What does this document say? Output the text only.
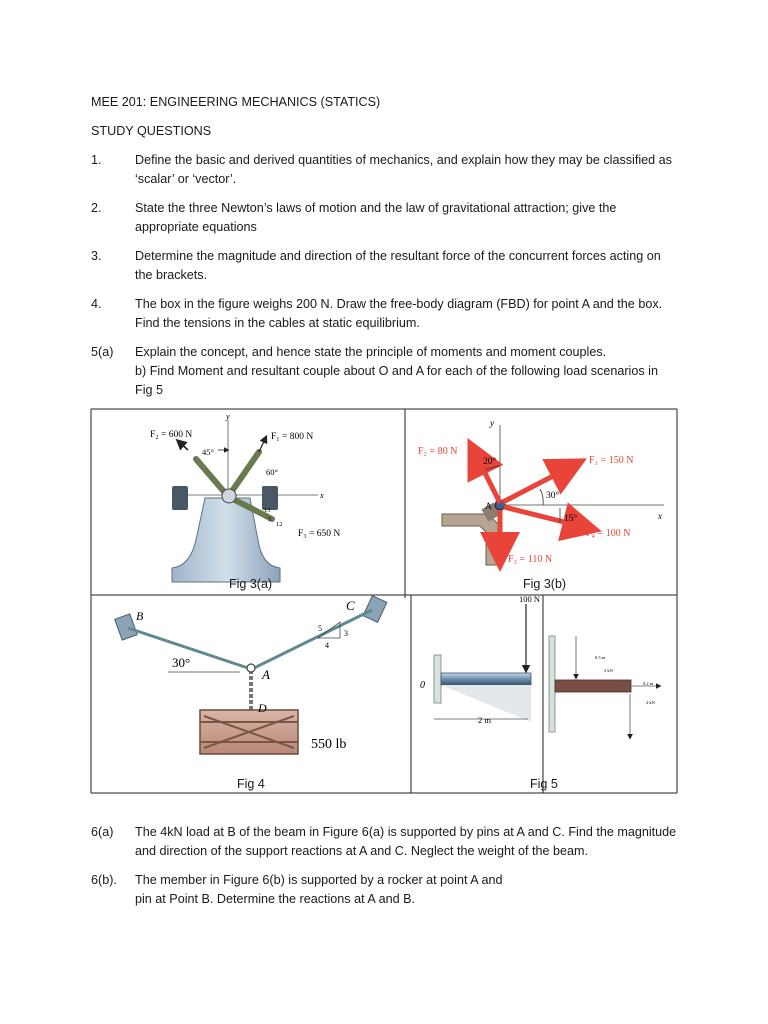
MEE 201: ENGINEERING MECHANICS (STATICS)
STUDY QUESTIONS
1.	Define the basic and derived quantities of mechanics, and explain how they may be classified as
‘scalar’ or ‘vector’.
2.	State the three Newton’s laws of motion and the law of gravitational attraction; give the
appropriate equations
3.	Determine the magnitude and direction of the resultant force of the concurrent forces acting on
the brackets.
4.	The box in the figure weighs 200 N. Draw the free-body diagram (FBD) for point A and the box.
Find the tensions in the cables at static equilibrium.
5(a) Explain the concept, and hence state the principle of moments and moment couples.
b) Find Moment and resultant couple about O and A for each of the following load scenarios in
Fig 5
F₂ = 600 N	F₁ = 800 N
F₃ = 650 N
45°
60°
y
x
13
5
12
F₂ = 80 N
F₁ = 150 N
F₄ = 100 N
F₃ = 110 N
20°
30°
15°
A
y
x
B
C
A
D
30°
5
3
4
550 lb
100 N
0
2 m
0.5 m
2 kN
0.2 m
2 kN
Fig 3(a)	Fig 3(b)
Fig 4	Fig 5
6(a) The 4kN load at B of the beam in Figure 6(a) is supported by pins at A and C. Find the magnitude
and direction of the support reactions at A and C. Neglect the weight of the beam.
6(b). The member in Figure 6(b) is supported by a rocker at point A and
pin at Point B. Determine the reactions at A and B.
